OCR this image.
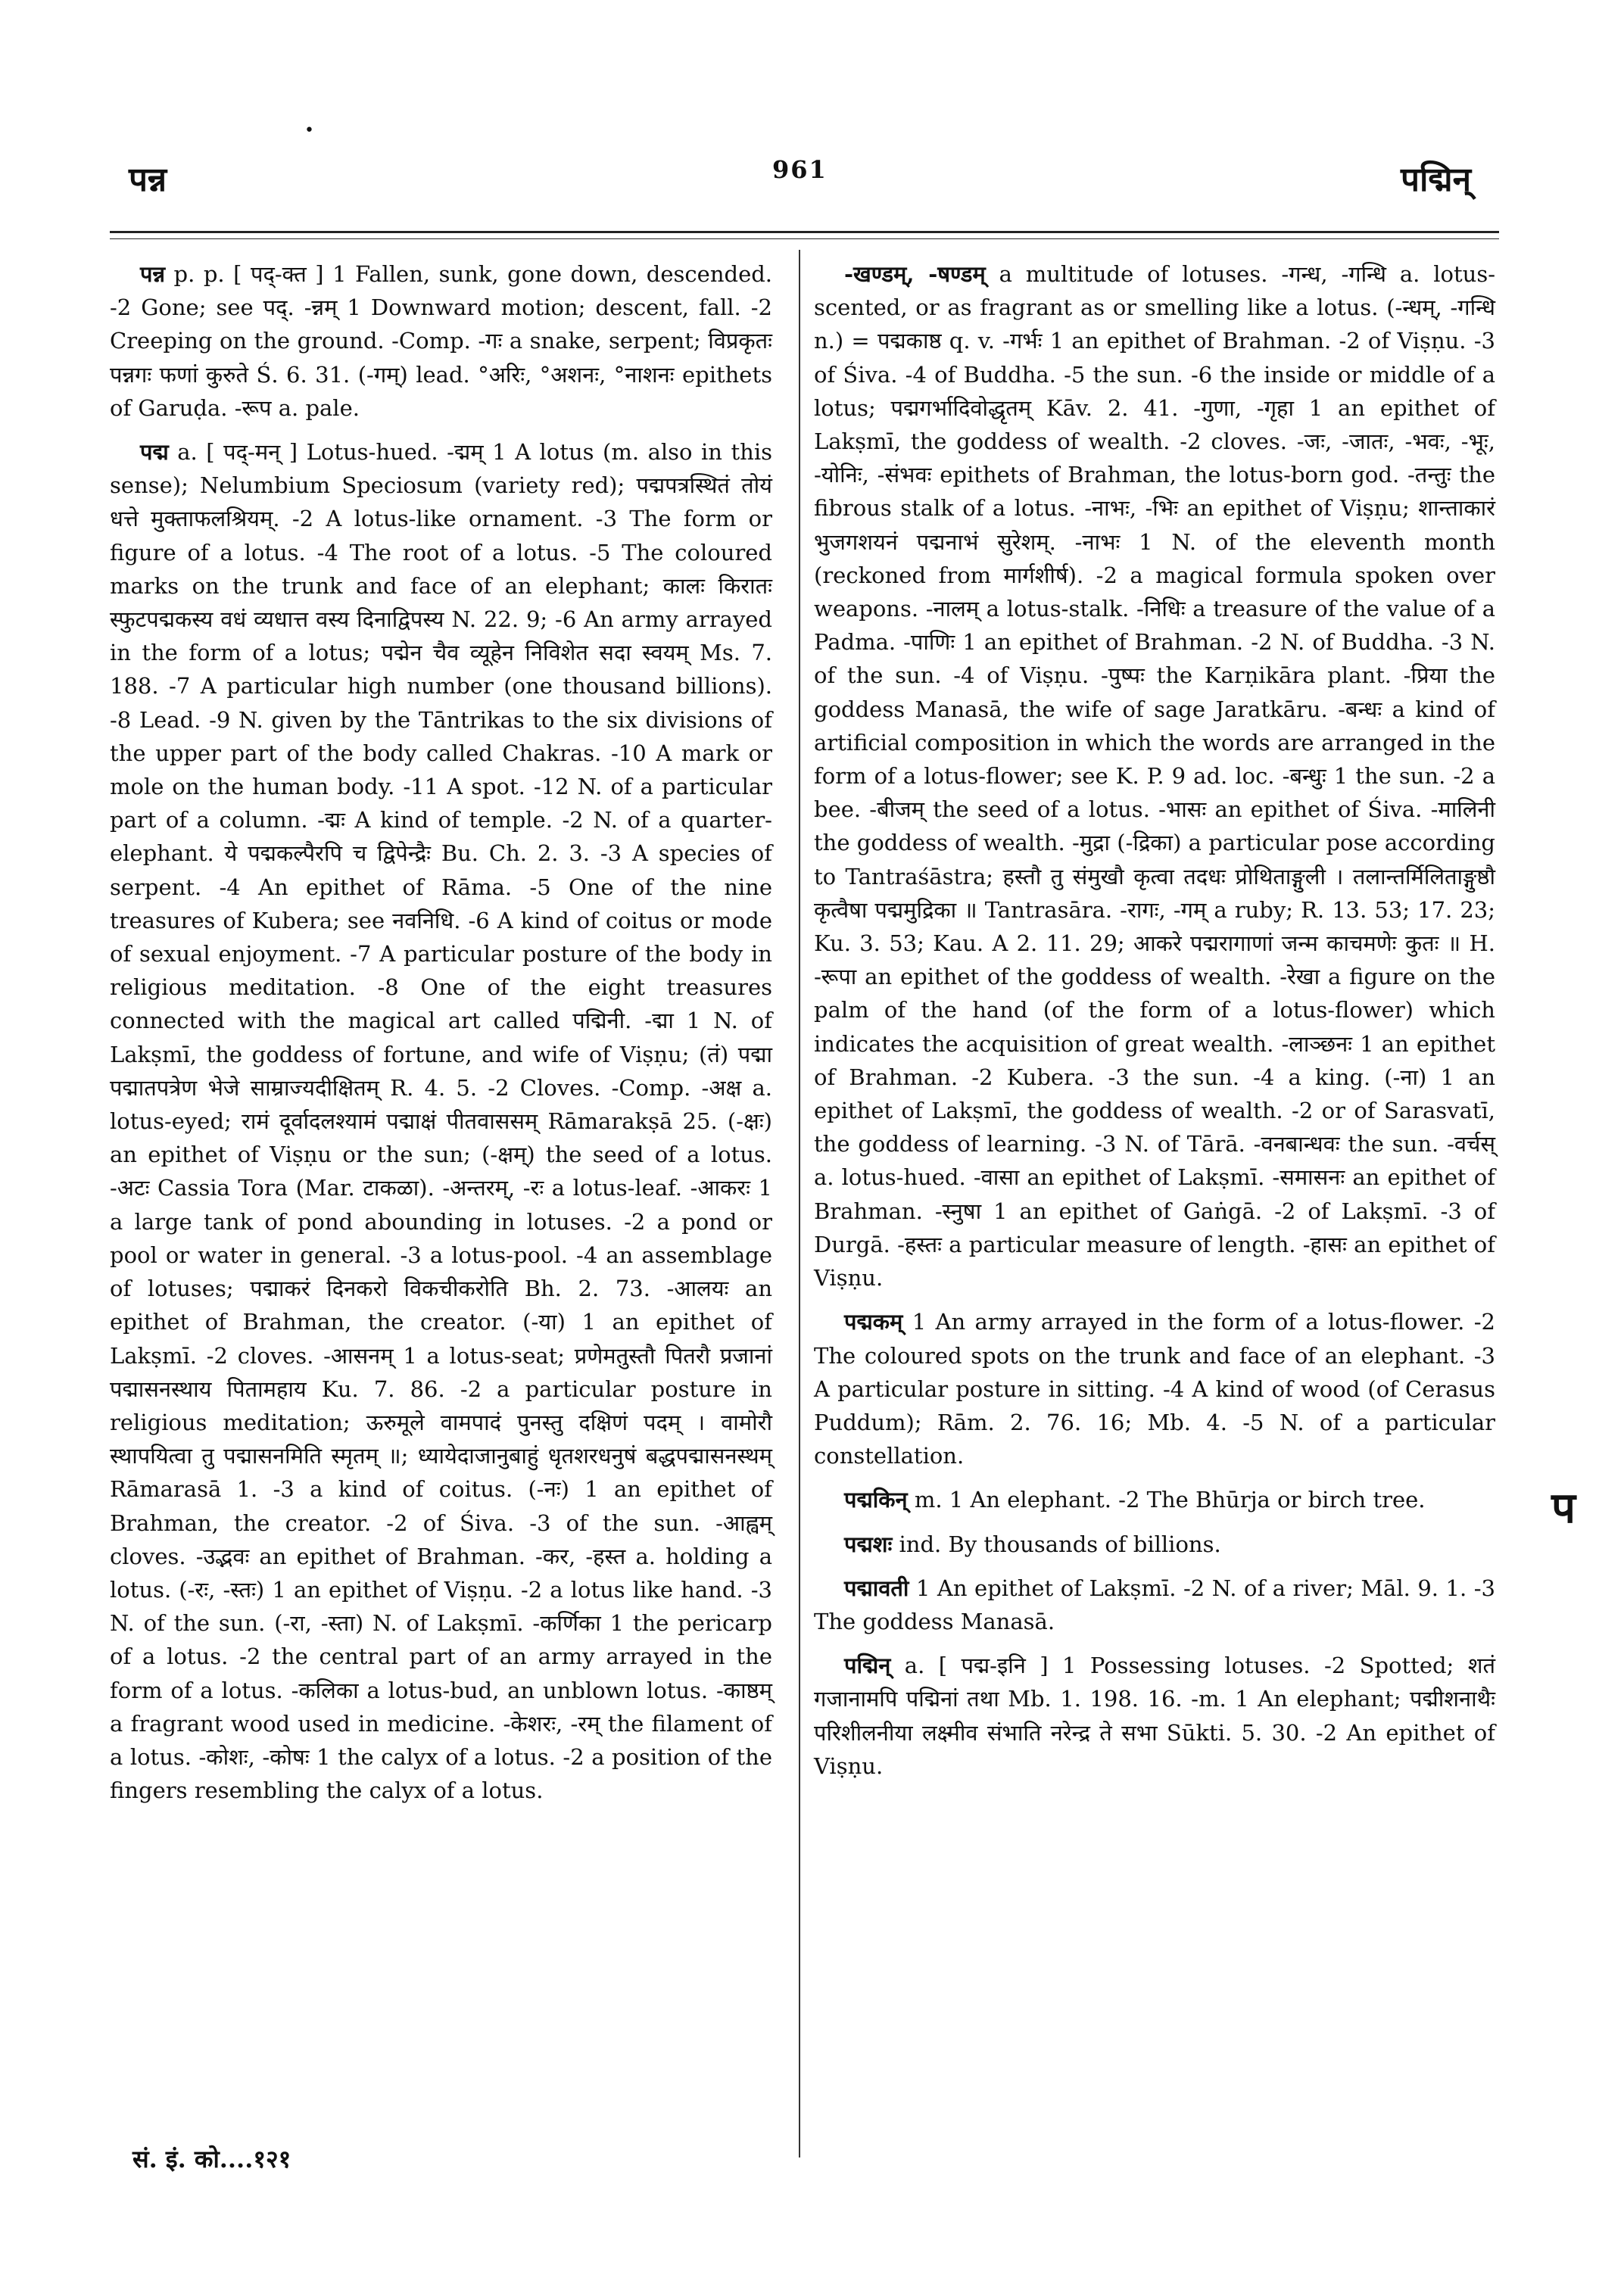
•
पन्न	961	पद्मिन्

पन्न p. p. [ पद्-क्त ] 1 Fallen, sunk, gone down, descended. -2 Gone; see पद्. -न्नम् 1 Downward motion; descent, fall. -2 Creeping on the ground. -Comp. -गः a snake, serpent; विप्रकृतः पन्नगः फणां कुरुते Ś. 6. 31. (-गम्) lead. °अरिः, °अशनः, °नाशनः epithets of Garuḍa. -रूप a. pale.

पद्म a. [ पद्-मन् ] Lotus-hued. -द्मम् 1 A lotus (m. also in this sense); Nelumbium Speciosum (variety red); पद्मपत्रस्थितं तोयं धत्ते मुक्ताफलश्रियम्. -2 A lotus-like ornament. -3 The form or figure of a lotus. -4 The root of a lotus. -5 The coloured marks on the trunk and face of an elephant; कालः किरातः स्फुटपद्मकस्य वधं व्यधात्त वस्य दिनाद्विपस्य N. 22. 9; -6 An army arrayed in the form of a lotus; पद्मेन चैव व्यूहेन निविशेत सदा स्वयम् Ms. 7. 188. -7 A particular high number (one thousand billions). -8 Lead. -9 N. given by the Tāntrikas to the six divisions of the upper part of the body called Chakras. -10 A mark or mole on the human body. -11 A spot. -12 N. of a particular part of a column. -द्मः A kind of temple. -2 N. of a quarter-elephant. ये पद्मकल्पैरपि च द्विपेन्द्रैः Bu. Ch. 2. 3. -3 A species of serpent. -4 An epithet of Rāma. -5 One of the nine treasures of Kubera; see नवनिधि. -6 A kind of coitus or mode of sexual enjoyment. -7 A particular posture of the body in religious meditation. -8 One of the eight treasures connected with the magical art called पद्मिनी. -द्मा 1 N. of Lakṣmī, the goddess of fortune, and wife of Viṣṇu; (तं) पद्मा पद्मातपत्रेण भेजे साम्राज्यदीक्षितम् R. 4. 5. -2 Cloves. -Comp. -अक्ष a. lotus-eyed; रामं दूर्वादलश्यामं पद्माक्षं पीतवाससम् Rāmarakṣā 25. (-क्षः) an epithet of Viṣṇu or the sun; (-क्षम्) the seed of a lotus. -अटः Cassia Tora (Mar. टाकळा). -अन्तरम्, -रः a lotus-leaf. -आकरः 1 a large tank of pond abounding in lotuses. -2 a pond or pool or water in general. -3 a lotus-pool. -4 an assemblage of lotuses; पद्माकरं दिनकरो विकचीकरोति Bh. 2. 73. -आलयः an epithet of Brahman, the creator. (-या) 1 an epithet of Lakṣmī. -2 cloves. -आसनम् 1 a lotus-seat; प्रणेमतुस्तौ पितरौ प्रजानां पद्मासनस्थाय पितामहाय Ku. 7. 86. -2 a particular posture in religious meditation; ऊरुमूले वामपादं पुनस्तु दक्षिणं पदम् । वामोरौ स्थापयित्वा तु पद्मासनमिति स्मृतम् ॥; ध्यायेदाजानुबाहुं धृतशरधनुषं बद्धपद्मासनस्थम् Rāmarasā 1. -3 a kind of coitus. (-नः) 1 an epithet of Brahman, the creator. -2 of Śiva. -3 of the sun. -आह्वम् cloves. -उद्भवः an epithet of Brahman. -कर, -हस्त a. holding a lotus. (-रः, -स्तः) 1 an epithet of Viṣṇu. -2 a lotus like hand. -3 N. of the sun. (-रा, -स्ता) N. of Lakṣmī. -कर्णिका 1 the pericarp of a lotus. -2 the central part of an army arrayed in the form of a lotus. -कलिका a lotus-bud, an unblown lotus. -काष्ठम् a fragrant wood used in medicine. -केशरः, -रम् the filament of a lotus. -कोशः, -कोषः 1 the calyx of a lotus. -2 a position of the fingers resembling the calyx of a lotus.

-खण्डम्, -षण्डम् a multitude of lotuses. -गन्ध, -गन्धि a. lotus-scented, or as fragrant as or smelling like a lotus. (-न्धम्, -गन्धि n.) = पद्मकाष्ठ q. v. -गर्भः 1 an epithet of Brahman. -2 of Viṣṇu. -3 of Śiva. -4 of Buddha. -5 the sun. -6 the inside or middle of a lotus; पद्मगर्भादिवोद्धृतम् Kāv. 2. 41. -गुणा, -गृहा 1 an epithet of Lakṣmī, the goddess of wealth. -2 cloves. -जः, -जातः, -भवः, -भूः, -योनिः, -संभवः epithets of Brahman, the lotus-born god. -तन्तुः the fibrous stalk of a lotus. -नाभः, -भिः an epithet of Viṣṇu; शान्ताकारं भुजगशयनं पद्मनाभं सुरेशम्. -नाभः 1 N. of the eleventh month (reckoned from मार्गशीर्ष). -2 a magical formula spoken over weapons. -नालम् a lotus-stalk. -निधिः a treasure of the value of a Padma. -पाणिः 1 an epithet of Brahman. -2 N. of Buddha. -3 N. of the sun. -4 of Viṣṇu. -पुष्पः the Karṇikāra plant. -प्रिया the goddess Manasā, the wife of sage Jaratkāru. -बन्धः a kind of artificial composition in which the words are arranged in the form of a lotus-flower; see K. P. 9 ad. loc. -बन्धुः 1 the sun. -2 a bee. -बीजम् the seed of a lotus. -भासः an epithet of Śiva. -मालिनी the goddess of wealth. -मुद्रा (-द्रिका) a particular pose according to Tantraśāstra; हस्तौ तु संमुखौ कृत्वा तदधः प्रोथिताङ्गुली । तलान्तर्मिलिताङ्गुष्ठौ कृत्वैषा पद्ममुद्रिका ॥ Tantrasāra. -रागः, -गम् a ruby; R. 13. 53; 17. 23; Ku. 3. 53; Kau. A 2. 11. 29; आकरे पद्मरागाणां जन्म काचमणेः कुतः ॥ H. -रूपा an epithet of the goddess of wealth. -रेखा a figure on the palm of the hand (of the form of a lotus-flower) which indicates the acquisition of great wealth. -लाञ्छनः 1 an epithet of Brahman. -2 Kubera. -3 the sun. -4 a king. (-ना) 1 an epithet of Lakṣmī, the goddess of wealth. -2 or of Sarasvatī, the goddess of learning. -3 N. of Tārā. -वनबान्धवः the sun. -वर्चस् a. lotus-hued. -वासा an epithet of Lakṣmī. -समासनः an epithet of Brahman. -स्नुषा 1 an epithet of Gaṅgā. -2 of Lakṣmī. -3 of Durgā. -हस्तः a particular measure of length. -हासः an epithet of Viṣṇu.

पद्मकम् 1 An army arrayed in the form of a lotus-flower. -2 The coloured spots on the trunk and face of an elephant. -3 A particular posture in sitting. -4 A kind of wood (of Cerasus Puddum); Rām. 2. 76. 16; Mb. 4. -5 N. of a particular constellation.

पद्मकिन् m. 1 An elephant. -2 The Bhūrja or birch tree.

पद्मशः ind. By thousands of billions.

पद्मावती 1 An epithet of Lakṣmī. -2 N. of a river; Māl. 9. 1. -3 The goddess Manasā.

पद्मिन् a. [ पद्म-इनि ] 1 Possessing lotuses. -2 Spotted; शतं गजानामपि पद्मिनां तथा Mb. 1. 198. 16. -m. 1 An elephant; पद्मीशनाथैः परिशीलनीया लक्ष्मीव संभाति नरेन्द्र ते सभा Sūkti. 5. 30. -2 An epithet of Viṣṇu.

प
सं. इं. को....१२१
